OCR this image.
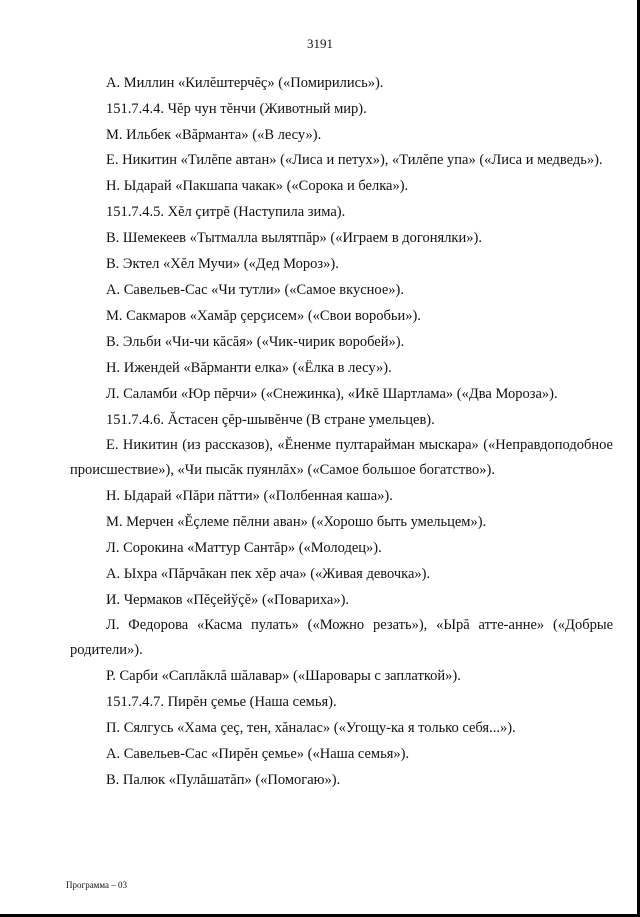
3191

А. Миллин «Килĕштерчĕç» («Помирились»).

151.7.4.4. Чĕр чун тĕнчи (Животный мир).

М. Ильбек «Вăрманта» («В лесу»).

Е. Никитин «Тилĕпе автан» («Лиса и петух»), «Тилĕпе упа» («Лиса и медведь»).

Н. Ыдарай «Пакшапа чакак» («Сорока и белка»).

151.7.4.5. Хĕл çитрĕ (Наступила зима).

В. Шемекеев «Тытмалла вылятпăр» («Играем в догонялки»).

В. Эктел «Хĕл Мучи» («Дед Мороз»).

А. Савельев-Сас «Чи тутли» («Самое вкусное»).

М. Сакмаров «Хамăр çерçисем» («Свои воробьи»).

В. Эльби «Чи-чи кăсăя» («Чик-чирик воробей»).

Н. Ижендей «Вăрманти елка» («Ёлка в лесу»).

Л. Саламби «Юр пĕрчи» («Снежинка), «Икĕ Шартлама» («Два Мороза»).

151.7.4.6. Ăстасен çĕр-шывĕнче (В стране умельцев).

Е. Никитин (из рассказов), «Ĕненме пултарайман мыскара» («Неправдоподобное происшествие»), «Чи пысăк пуянлăх» («Самое большое богатство»).

Н. Ыдарай «Пăри пăтти» («Полбенная каша»).

М. Мерчен «Ĕçлеме пĕлни аван» («Хорошо быть умельцем»).

Л. Сорокина «Маттур Сантăр» («Молодец»).

А. Ыхра «Пăрчăкан пек хĕр ача» («Живая девочка»).

И. Чермаков «Пĕçейўçĕ» («Повариха»).

Л. Федорова «Касма пулать» («Можно резать»), «Ырă атте-анне» («Добрые родители»).

Р. Сарби «Саплăклă шăлавар» («Шаровары с заплаткой»).

151.7.4.7. Пирĕн çемье (Наша семья).

П. Сялгусь «Хама çеç, тен, хăналас» («Угощу-ка я только себя...»).

А. Савельев-Сас «Пирĕн çемье» («Наша семья»).

В. Палюк «Пулăшатăп» («Помогаю»).

Программа – 03
